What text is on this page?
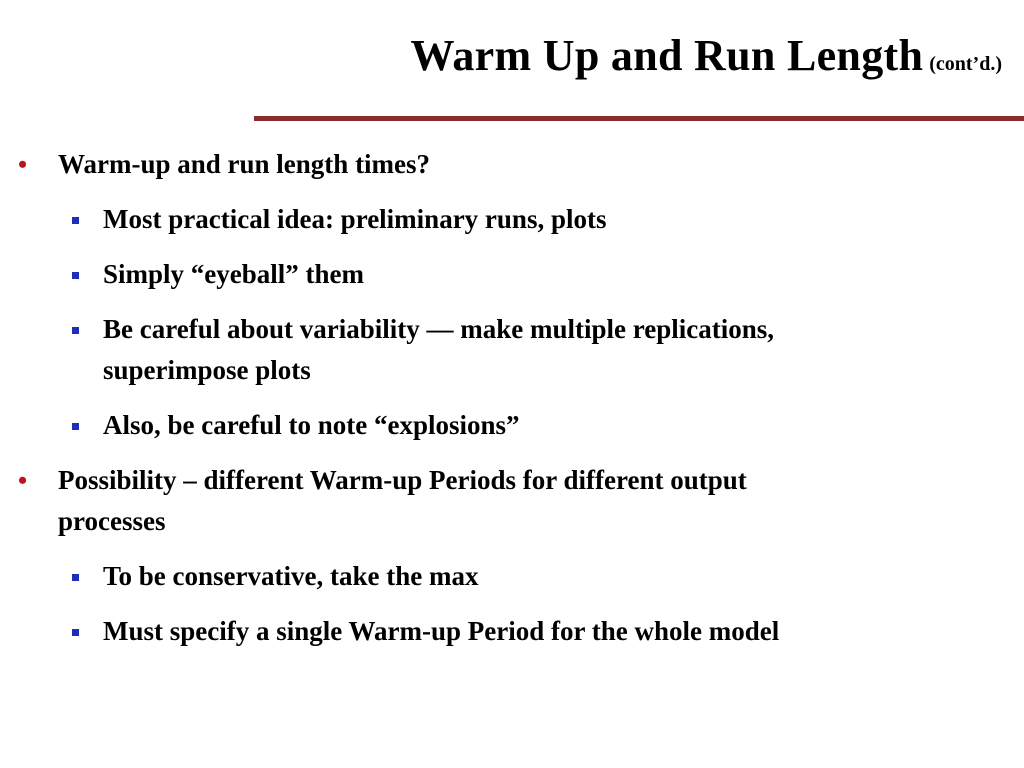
Warm Up and Run Length (cont’d.)
• Warm-up and run length times?
Most practical idea: preliminary runs, plots
Simply “eyeball” them
Be careful about variability — make multiple replications,
superimpose plots
Also, be careful to note “explosions”
• Possibility – different Warm-up Periods for different output
processes
To be conservative, take the max
Must specify a single Warm-up Period for the whole model
